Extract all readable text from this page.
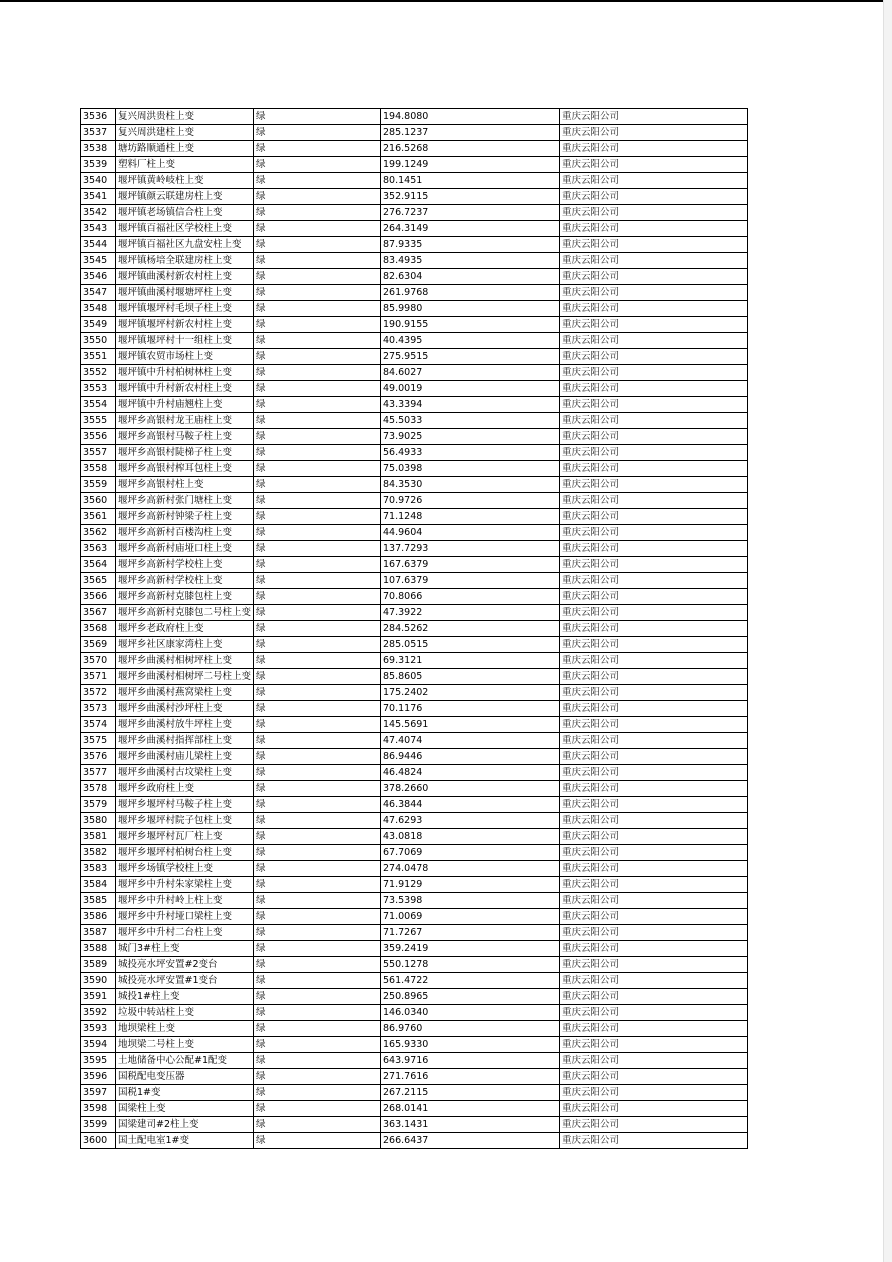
3536	复兴周洪贵柱上变	绿	194.8080	重庆云阳公司
3537	复兴周洪建柱上变	绿	285.1237	重庆云阳公司
3538	塘坊路顺通柱上变	绿	216.5268	重庆云阳公司
3539	塑料厂柱上变	绿	199.1249	重庆云阳公司
3540	堰坪镇黄岭岐柱上变	绿	80.1451	重庆云阳公司
3541	堰坪镇颜云联建房柱上变	绿	352.9115	重庆云阳公司
3542	堰坪镇老场镇信合柱上变	绿	276.7237	重庆云阳公司
3543	堰坪镇百福社区学校柱上变	绿	264.3149	重庆云阳公司
3544	堰坪镇百福社区九盘安柱上变	绿	87.9335	重庆云阳公司
3545	堰坪镇杨培全联建房柱上变	绿	83.4935	重庆云阳公司
3546	堰坪镇曲溪村新农村柱上变	绿	82.6304	重庆云阳公司
3547	堰坪镇曲溪村堰塘坪柱上变	绿	261.9768	重庆云阳公司
3548	堰坪镇堰坪村毛坝子柱上变	绿	85.9980	重庆云阳公司
3549	堰坪镇堰坪村新农村柱上变	绿	190.9155	重庆云阳公司
3550	堰坪镇堰坪村十一组柱上变	绿	40.4395	重庆云阳公司
3551	堰坪镇农贸市场柱上变	绿	275.9515	重庆云阳公司
3552	堰坪镇中升村柏树林柱上变	绿	84.6027	重庆云阳公司
3553	堰坪镇中升村新农村柱上变	绿	49.0019	重庆云阳公司
3554	堰坪镇中升村庙翘柱上变	绿	43.3394	重庆云阳公司
3555	堰坪乡高银村龙王庙柱上变	绿	45.5033	重庆云阳公司
3556	堰坪乡高银村马鞍子柱上变	绿	73.9025	重庆云阳公司
3557	堰坪乡高银村陡梯子柱上变	绿	56.4933	重庆云阳公司
3558	堰坪乡高银村榨耳包柱上变	绿	75.0398	重庆云阳公司
3559	堰坪乡高银村柱上变	绿	84.3530	重庆云阳公司
3560	堰坪乡高新村张门塘柱上变	绿	70.9726	重庆云阳公司
3561	堰坪乡高新村钟梁子柱上变	绿	71.1248	重庆云阳公司
3562	堰坪乡高新村百楼沟柱上变	绿	44.9604	重庆云阳公司
3563	堰坪乡高新村庙垭口柱上变	绿	137.7293	重庆云阳公司
3564	堰坪乡高新村学校柱上变	绿	167.6379	重庆云阳公司
3565	堰坪乡高新村学校柱上变	绿	107.6379	重庆云阳公司
3566	堰坪乡高新村克膝包柱上变	绿	70.8066	重庆云阳公司
3567	堰坪乡高新村克膝包二号柱上变	绿	47.3922	重庆云阳公司
3568	堰坪乡老政府柱上变	绿	284.5262	重庆云阳公司
3569	堰坪乡社区康家湾柱上变	绿	285.0515	重庆云阳公司
3570	堰坪乡曲溪村相树坪柱上变	绿	69.3121	重庆云阳公司
3571	堰坪乡曲溪村相树坪二号柱上变	绿	85.8605	重庆云阳公司
3572	堰坪乡曲溪村燕窝梁柱上变	绿	175.2402	重庆云阳公司
3573	堰坪乡曲溪村沙坪柱上变	绿	70.1176	重庆云阳公司
3574	堰坪乡曲溪村放牛坪柱上变	绿	145.5691	重庆云阳公司
3575	堰坪乡曲溪村指挥部柱上变	绿	47.4074	重庆云阳公司
3576	堰坪乡曲溪村庙儿梁柱上变	绿	86.9446	重庆云阳公司
3577	堰坪乡曲溪村古坟梁柱上变	绿	46.4824	重庆云阳公司
3578	堰坪乡政府柱上变	绿	378.2660	重庆云阳公司
3579	堰坪乡堰坪村马鞍子柱上变	绿	46.3844	重庆云阳公司
3580	堰坪乡堰坪村院子包柱上变	绿	47.6293	重庆云阳公司
3581	堰坪乡堰坪村瓦厂柱上变	绿	43.0818	重庆云阳公司
3582	堰坪乡堰坪村柏树台柱上变	绿	67.7069	重庆云阳公司
3583	堰坪乡场镇学校柱上变	绿	274.0478	重庆云阳公司
3584	堰坪乡中升村朱家梁柱上变	绿	71.9129	重庆云阳公司
3585	堰坪乡中升村岭上柱上变	绿	73.5398	重庆云阳公司
3586	堰坪乡中升村垭口梁柱上变	绿	71.0069	重庆云阳公司
3587	堰坪乡中升村二台柱上变	绿	71.7267	重庆云阳公司
3588	城门3#柱上变	绿	359.2419	重庆云阳公司
3589	城投亮水坪安置#2变台	绿	550.1278	重庆云阳公司
3590	城投亮水坪安置#1变台	绿	561.4722	重庆云阳公司
3591	城投1#柱上变	绿	250.8965	重庆云阳公司
3592	垃圾中转站柱上变	绿	146.0340	重庆云阳公司
3593	地坝梁柱上变	绿	86.9760	重庆云阳公司
3594	地坝梁二号柱上变	绿	165.9330	重庆云阳公司
3595	土地储备中心公配#1配变	绿	643.9716	重庆云阳公司
3596	国税配电变压器	绿	271.7616	重庆云阳公司
3597	国税1#变	绿	267.2115	重庆云阳公司
3598	国梁柱上变	绿	268.0141	重庆云阳公司
3599	国梁建司#2柱上变	绿	363.1431	重庆云阳公司
3600	国土配电室1#变	绿	266.6437	重庆云阳公司
